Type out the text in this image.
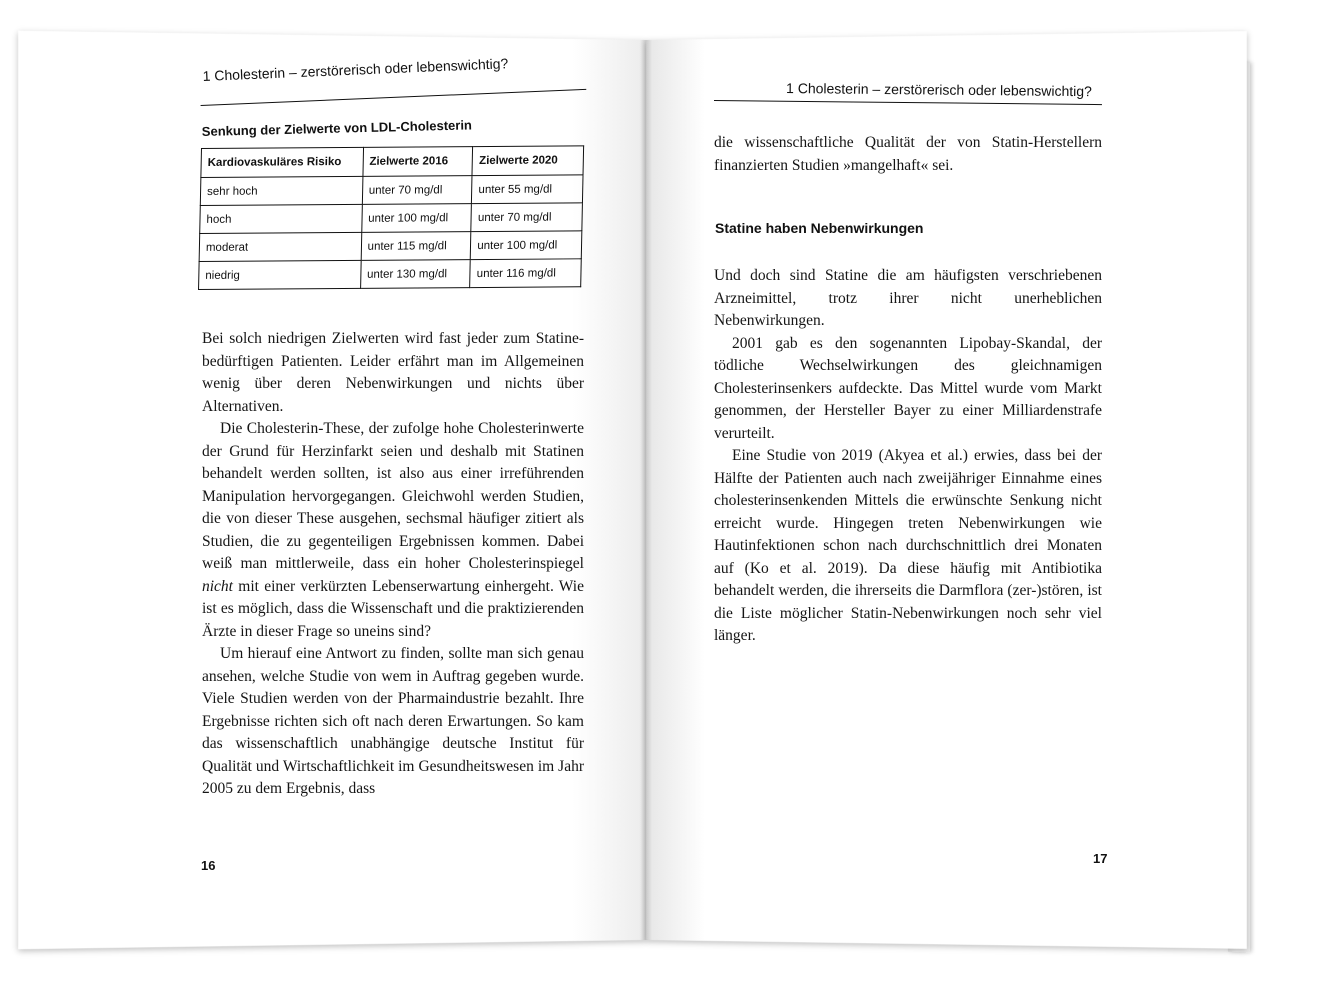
1 Cholesterin – zerstörerisch oder lebenswichtig?
Senkung der Zielwerte von LDL-Cholesterin
Kardiovaskuläres Risiko	Zielwerte 2016	Zielwerte 2020
sehr hoch	unter 70 mg/dl	unter 55 mg/dl
hoch	unter 100 mg/dl	unter 70 mg/dl
moderat	unter 115 mg/dl	unter 100 mg/dl
niedrig	unter 130 mg/dl	unter 116 mg/dl

Bei solch niedrigen Zielwerten wird fast jeder zum Statine-bedürftigen Patienten. Leider erfährt man im Allgemeinen wenig über deren Nebenwirkungen und nichts über Alternativen.

Die Cholesterin-These, der zufolge hohe Cholesterinwerte der Grund für Herzinfarkt seien und deshalb mit Statinen behandelt werden sollten, ist also aus einer irreführenden Manipulation hervorgegangen. Gleichwohl werden Studien, die von dieser These ausgehen, sechsmal häufiger zitiert als Studien, die zu gegenteiligen Ergebnissen kommen. Dabei weiß man mittlerweile, dass ein hoher Cholesterinspiegel nicht mit einer verkürzten Lebenserwartung einhergeht. Wie ist es möglich, dass die Wissenschaft und die praktizierenden Ärzte in dieser Frage so uneins sind?

Um hierauf eine Antwort zu finden, sollte man sich genau ansehen, welche Studie von wem in Auftrag gegeben wurde. Viele Studien werden von der Pharmaindustrie bezahlt. Ihre Ergebnisse richten sich oft nach deren Erwartungen. So kam das wissenschaftlich unabhängige deutsche Institut für Qualität und Wirtschaftlichkeit im Gesundheitswesen im Jahr 2005 zu dem Ergebnis, dass

16
1 Cholesterin – zerstörerisch oder lebenswichtig?

die wissenschaftliche Qualität der von Statin-Herstellern finanzierten Studien »mangelhaft« sei.

Statine haben Nebenwirkungen

Und doch sind Statine die am häufigsten verschriebenen Arzneimittel, trotz ihrer nicht unerheblichen Nebenwirkungen.

2001 gab es den sogenannten Lipobay-Skandal, der tödliche Wechselwirkungen des gleichnamigen Cholesterinsenkers aufdeckte. Das Mittel wurde vom Markt genommen, der Hersteller Bayer zu einer Milliardenstrafe verurteilt.

Eine Studie von 2019 (Akyea et al.) erwies, dass bei der Hälfte der Patienten auch nach zweijähriger Einnahme eines cholesterinsenkenden Mittels die erwünschte Senkung nicht erreicht wurde. Hingegen treten Nebenwirkungen wie Hautinfektionen schon nach durchschnittlich drei Monaten auf (Ko et al. 2019). Da diese häufig mit Antibiotika behandelt werden, die ihrerseits die Darmflora (zer-)stören, ist die Liste möglicher Statin-Nebenwirkungen noch sehr viel länger.

17
